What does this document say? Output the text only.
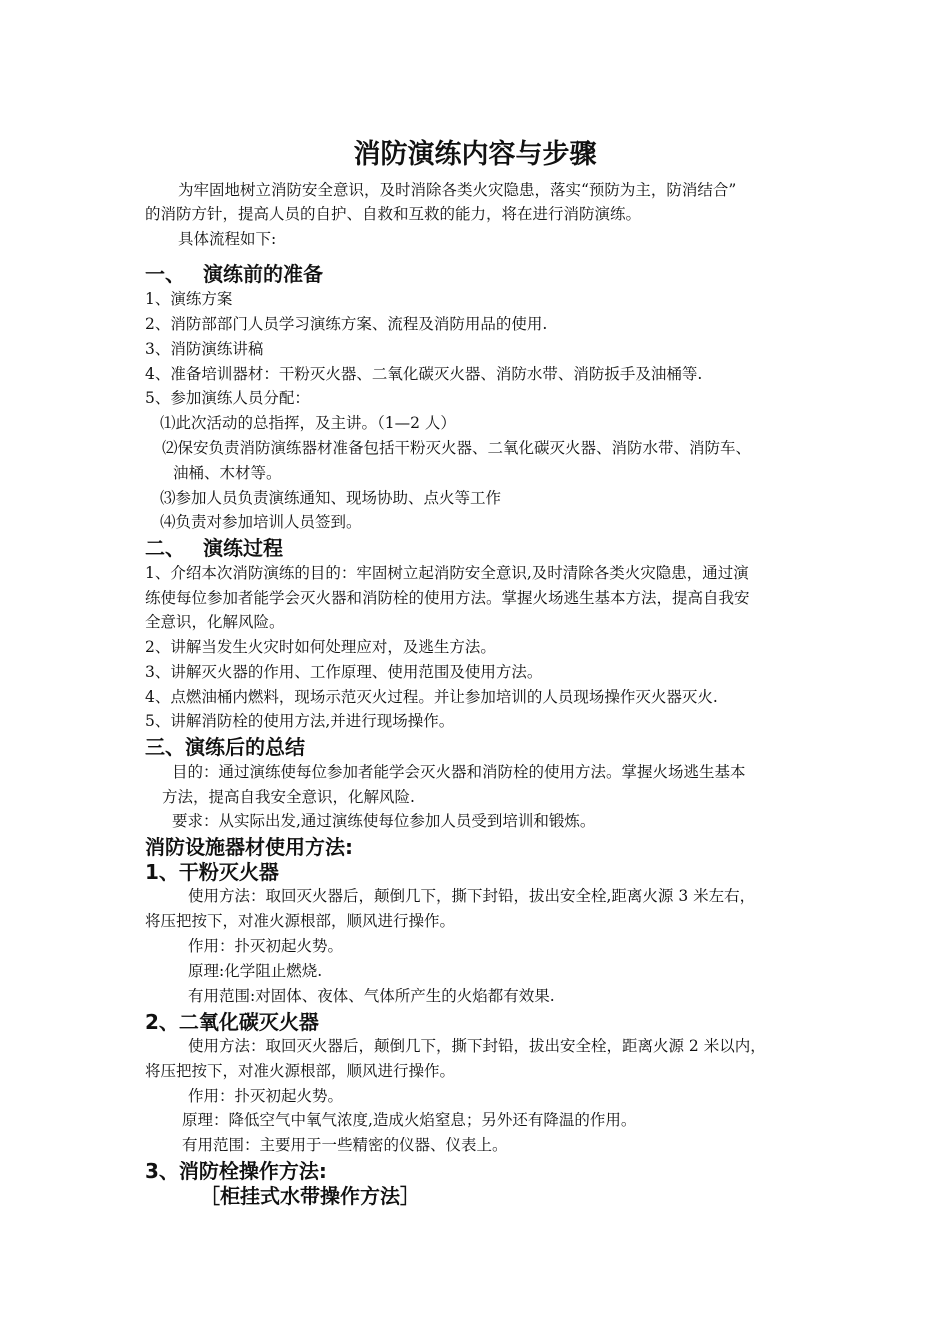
消防演练内容与步骤
为牢固地树立消防安全意识，及时消除各类火灾隐患，落实“预防为主，防消结合”
的消防方针，提高人员的自护、自救和互救的能力，将在进行消防演练。
具体流程如下:
一、 演练前的准备
1、演练方案
2、消防部部门人员学习演练方案、流程及消防用品的使用.
3、消防演练讲稿
4、准备培训器材：干粉灭火器、二氧化碳灭火器、消防水带、消防扳手及油桶等.
5、参加演练人员分配：
⑴此次活动的总指挥，及主讲。（1—2 人）
⑵保安负责消防演练器材准备包括干粉灭火器、二氧化碳灭火器、消防水带、消防车、
油桶、木材等。
⑶参加人员负责演练通知、现场协助、点火等工作
⑷负责对参加培训人员签到。
二、 演练过程
1、介绍本次消防演练的目的：牢固树立起消防安全意识,及时清除各类火灾隐患，通过演
练使每位参加者能学会灭火器和消防栓的使用方法。掌握火场逃生基本方法，提高自我安
全意识，化解风险。
2、讲解当发生火灾时如何处理应对，及逃生方法。
3、讲解灭火器的作用、工作原理、使用范围及使用方法。
4、点燃油桶内燃料，现场示范灭火过程。并让参加培训的人员现场操作灭火器灭火.
5、讲解消防栓的使用方法,并进行现场操作。
三、演练后的总结
目的：通过演练使每位参加者能学会灭火器和消防栓的使用方法。掌握火场逃生基本
方法，提高自我安全意识，化解风险.
要求：从实际出发,通过演练使每位参加人员受到培训和锻炼。
消防设施器材使用方法:
1、干粉灭火器
使用方法：取回灭火器后，颠倒几下，撕下封铅，拔出安全栓,距离火源 3 米左右，
将压把按下，对准火源根部，顺风进行操作。
作用：扑灭初起火势。
原理:化学阻止燃烧.
有用范围:对固体、夜体、气体所产生的火焰都有效果.
2、二氧化碳灭火器
使用方法：取回灭火器后，颠倒几下，撕下封铅，拔出安全栓，距离火源 2 米以内，
将压把按下，对准火源根部，顺风进行操作。
作用：扑灭初起火势。
原理：降低空气中氧气浓度,造成火焰窒息；另外还有降温的作用。
有用范围：主要用于一些精密的仪器、仪表上。
3、消防栓操作方法:
［柜挂式水带操作方法］
